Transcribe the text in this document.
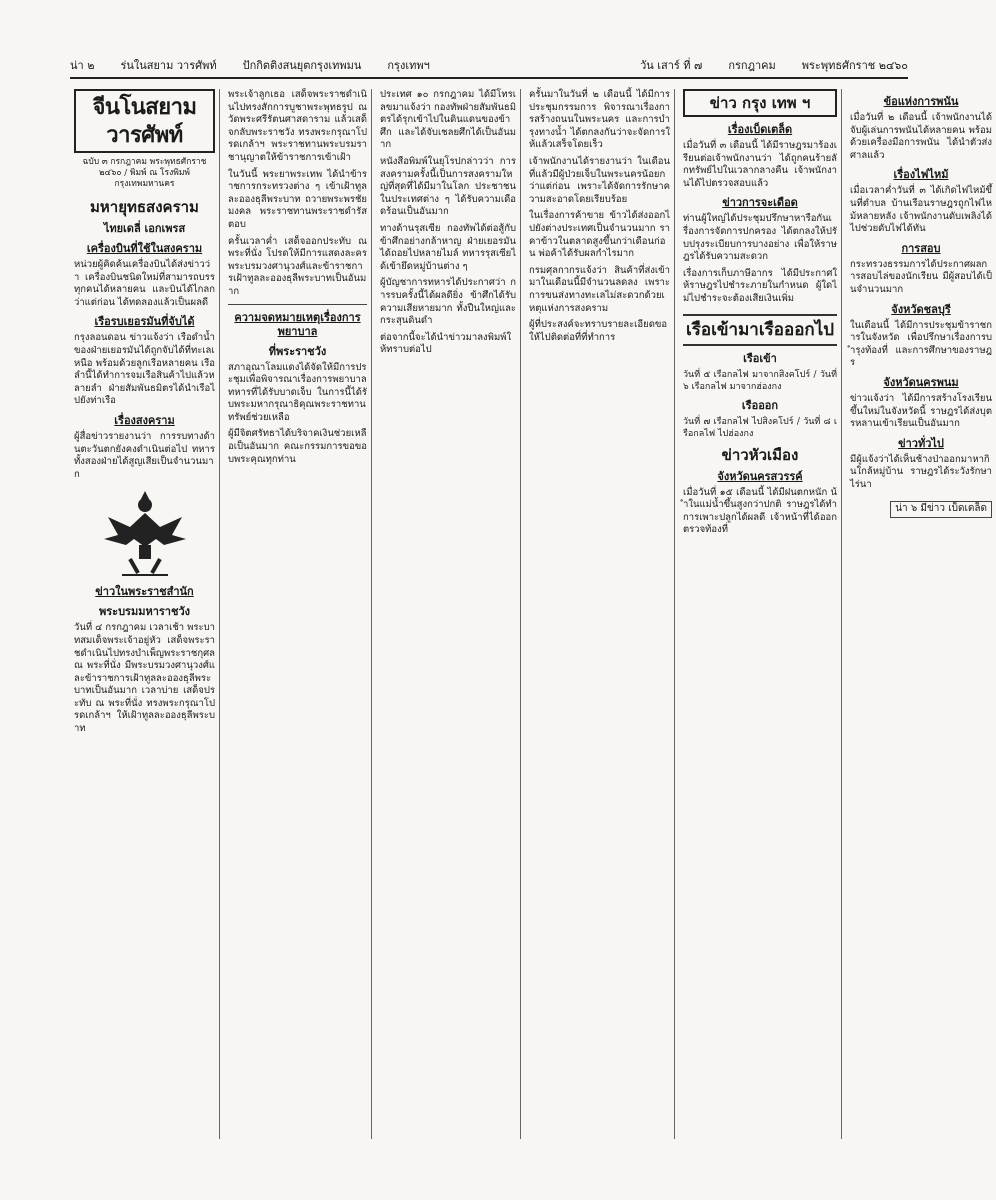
น่า ๒ ร่นในสยาม วารศัพท์ ปักกิตติงสนยุตกรุงเทพมน กรุงเทพฯ	วัน เสาร์ ที่ ๗ กรกฎาคม พระพุทธศักราช ๒๔๖๐
จีนโนสยามวารศัพท์
ฉบับ ๓ กรกฎาคม พระพุทธศักราช ๒๔๖๐ / พิมพ์ ณ โรงพิมพ์ กรุงเทพมหานคร
มหายุทธสงคราม
ไทยเดลี่ เอกเพรส
เครื่องบินที่ใช้ในสงคราม

หน่วยผู้คิดค้นเครื่องบินได้ส่งข่าวว่า เครื่องบินชนิดใหม่ที่สามารถบรรทุกคนได้หลายคน และบินได้ไกลกว่าแต่ก่อน ได้ทดลองแล้วเป็นผลดี

เรือรบเยอรมันที่จับได้

กรุงลอนดอน ข่าวแจ้งว่า เรือดำน้ำของฝ่ายเยอรมันได้ถูกจับได้ที่ทะเลเหนือ พร้อมด้วยลูกเรือหลายคน เรือลำนี้ได้ทำการจมเรือสินค้าไปแล้วหลายลำ ฝ่ายสัมพันธมิตรได้นำเรือไปยังท่าเรือ

เรื่องสงคราม

ผู้สื่อข่าวรายงานว่า การรบทางด้านตะวันตกยังคงดำเนินต่อไป ทหารทั้งสองฝ่ายได้สูญเสียเป็นจำนวนมาก

ข่าวในพระราชสำนัก
พระบรมมหาราชวัง

วันที่ ๔ กรกฎาคม เวลาเช้า พระบาทสมเด็จพระเจ้าอยู่หัว เสด็จพระราชดำเนินไปทรงบำเพ็ญพระราชกุศล ณ พระที่นั่ง มีพระบรมวงศานุวงศ์และข้าราชการเฝ้าทูลละอองธุลีพระบาทเป็นอันมาก เวลาบ่าย เสด็จประทับ ณ พระที่นั่ง ทรงพระกรุณาโปรดเกล้าฯ ให้เฝ้าทูลละอองธุลีพระบาท

พระเจ้าลูกเธอ เสด็จพระราชดำเนินไปทรงสักการบูชาพระพุทธรูป ณ วัดพระศรีรัตนศาสดาราม แล้วเสด็จกลับพระราชวัง ทรงพระกรุณาโปรดเกล้าฯ พระราชทานพระบรมราชานุญาตให้ข้าราชการเข้าเฝ้า

ในวันนี้ พระยาพระเทพ ได้นำข้าราชการกระทรวงต่าง ๆ เข้าเฝ้าทูลละอองธุลีพระบาท ถวายพระพรชัยมงคล พระราชทานพระราชดำรัสตอบ

ครั้นเวลาค่ำ เสด็จออกประทับ ณ พระที่นั่ง โปรดให้มีการแสดงละคร พระบรมวงศานุวงศ์และข้าราชการเฝ้าทูลละอองธุลีพระบาทเป็นอันมาก

ความจดหมายเหตุเรื่องการพยาบาล
ที่พระราชวัง

สภาอุณาโลมแดงได้จัดให้มีการประชุมเพื่อพิจารณาเรื่องการพยาบาลทหารที่ได้รับบาดเจ็บ ในการนี้ได้รับพระมหากรุณาธิคุณพระราชทานทรัพย์ช่วยเหลือ

ผู้มีจิตศรัทธาได้บริจาคเงินช่วยเหลือเป็นอันมาก คณะกรรมการขอขอบพระคุณทุกท่าน

ประเทศ ๑๐ กรกฎาคม ได้มีโทรเลขมาแจ้งว่า กองทัพฝ่ายสัมพันธมิตรได้รุกเข้าไปในดินแดนของข้าศึก และได้จับเชลยศึกได้เป็นอันมาก

หนังสือพิมพ์ในยุโรปกล่าวว่า การสงครามครั้งนี้เป็นการสงครามใหญ่ที่สุดที่ได้มีมาในโลก ประชาชนในประเทศต่าง ๆ ได้รับความเดือดร้อนเป็นอันมาก

ทางด้านรุสเซีย กองทัพได้ต่อสู้กับข้าศึกอย่างกล้าหาญ ฝ่ายเยอรมันได้ถอยไปหลายไมล์ ทหารรุสเซียได้เข้ายึดหมู่บ้านต่าง ๆ

ผู้บัญชาการทหารได้ประกาศว่า การรบครั้งนี้ได้ผลดียิ่ง ข้าศึกได้รับความเสียหายมาก ทั้งปืนใหญ่และกระสุนดินดำ

ต่อจากนี้จะได้นำข่าวมาลงพิมพ์ให้ทราบต่อไป

ครั้นมาในวันที่ ๒ เดือนนี้ ได้มีการประชุมกรรมการ พิจารณาเรื่องการสร้างถนนในพระนคร และการบำรุงทางน้ำ ได้ตกลงกันว่าจะจัดการให้แล้วเสร็จโดยเร็ว

เจ้าพนักงานได้รายงานว่า ในเดือนที่แล้วมีผู้ป่วยเจ็บในพระนครน้อยกว่าแต่ก่อน เพราะได้จัดการรักษาความสะอาดโดยเรียบร้อย

ในเรื่องการค้าขาย ข้าวได้ส่งออกไปยังต่างประเทศเป็นจำนวนมาก ราคาข้าวในตลาดสูงขึ้นกว่าเดือนก่อน พ่อค้าได้รับผลกำไรมาก

กรมศุลกากรแจ้งว่า สินค้าที่ส่งเข้ามาในเดือนนี้มีจำนวนลดลง เพราะการขนส่งทางทะเลไม่สะดวกด้วยเหตุแห่งการสงคราม

ผู้ที่ประสงค์จะทราบรายละเอียดขอให้ไปติดต่อที่ที่ทำการ

ข่าว กรุง เทพ ฯ
เรื่องเบ็ดเตล็ด

เมื่อวันที่ ๓ เดือนนี้ ได้มีราษฎรมาร้องเรียนต่อเจ้าพนักงานว่า ได้ถูกคนร้ายลักทรัพย์ไปในเวลากลางคืน เจ้าพนักงานได้ไปตรวจสอบแล้ว

ข่าวการจะเดือด

ท่านผู้ใหญ่ได้ประชุมปรึกษาหารือกันเรื่องการจัดการปกครอง ได้ตกลงให้ปรับปรุงระเบียบการบางอย่าง เพื่อให้ราษฎรได้รับความสะดวก

เรื่องการเก็บภาษีอากร ได้มีประกาศให้ราษฎรไปชำระภายในกำหนด ผู้ใดไม่ไปชำระจะต้องเสียเงินเพิ่ม

เรือเข้ามาเรือออกไป
เรือเข้า

วันที่ ๕ เรือกลไฟ มาจากสิงคโปร์ / วันที่ ๖ เรือกลไฟ มาจากฮ่องกง

เรือออก

วันที่ ๗ เรือกลไฟ ไปสิงคโปร์ / วันที่ ๘ เรือกลไฟ ไปฮ่องกง

ข่าวหัวเมือง
จังหวัดนครสวรรค์

เมื่อวันที่ ๑๕ เดือนนี้ ได้มีฝนตกหนัก น้ำในแม่น้ำขึ้นสูงกว่าปกติ ราษฎรได้ทำการเพาะปลูกได้ผลดี เจ้าหน้าที่ได้ออกตรวจท้องที่

ข้อแห่งการพนัน

เมื่อวันที่ ๒ เดือนนี้ เจ้าพนักงานได้จับผู้เล่นการพนันได้หลายคน พร้อมด้วยเครื่องมือการพนัน ได้นำตัวส่งศาลแล้ว

เรื่องไฟไหม้

เมื่อเวลาค่ำวันที่ ๓ ได้เกิดไฟไหม้ขึ้นที่ตำบล บ้านเรือนราษฎรถูกไฟไหม้หลายหลัง เจ้าพนักงานดับเพลิงได้ไปช่วยดับไฟได้ทัน

การสอบ

กระทรวงธรรมการได้ประกาศผลการสอบไล่ของนักเรียน มีผู้สอบได้เป็นจำนวนมาก

จังหวัดชลบุรี

ในเดือนนี้ ได้มีการประชุมข้าราชการในจังหวัด เพื่อปรึกษาเรื่องการบำรุงท้องที่ และการศึกษาของราษฎร

จังหวัดนครพนม

ข่าวแจ้งว่า ได้มีการสร้างโรงเรียนขึ้นใหม่ในจังหวัดนี้ ราษฎรได้ส่งบุตรหลานเข้าเรียนเป็นอันมาก

ข่าวทั่วไป

มีผู้แจ้งว่าได้เห็นช้างป่าออกมาหากินใกล้หมู่บ้าน ราษฎรได้ระวังรักษาไร่นา

น่า ๖ มีข่าว เบ็ดเตล็ด
